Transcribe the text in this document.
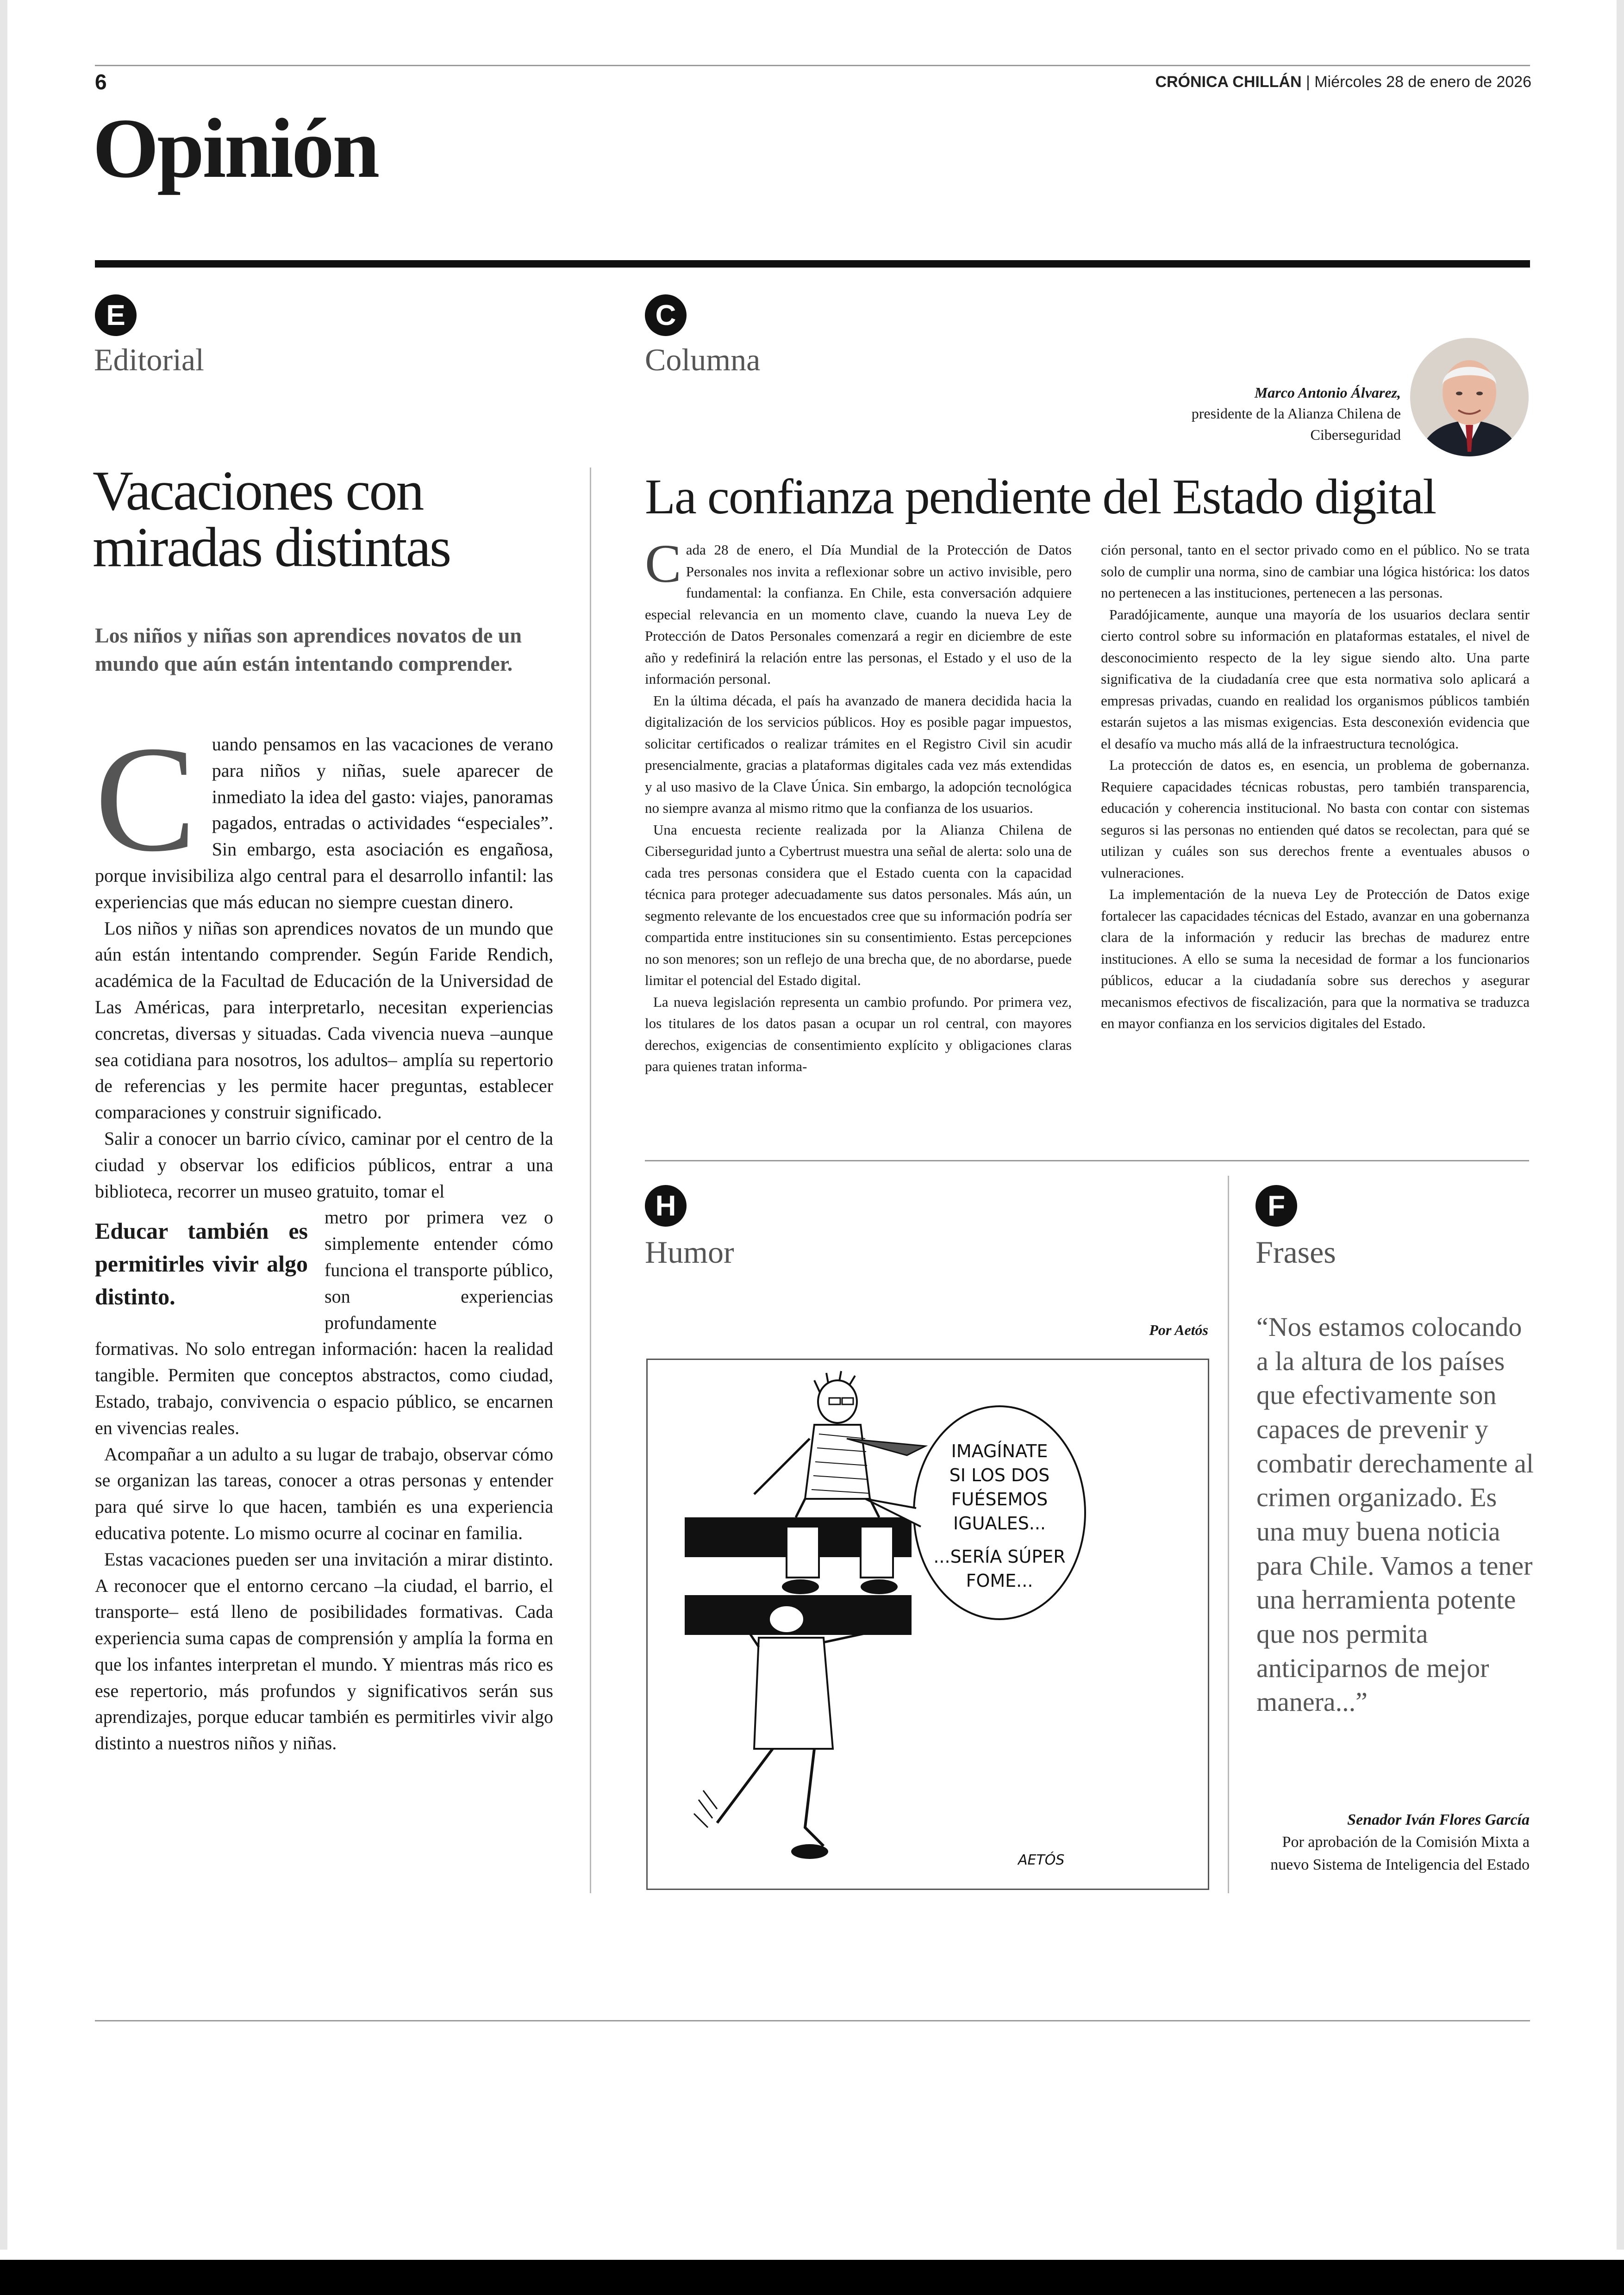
6	CRÓNICA CHILLÁN | Miércoles 28 de enero de 2026
Opinión
E
Editorial
Vacaciones con miradas distintas
Los niños y niñas son aprendices novatos de un mundo que aún están intentando comprender.

Cuando pensamos en las vacaciones de verano para niños y niñas, suele aparecer de inmediato la idea del gasto: viajes, panoramas pagados, entradas o actividades “especiales”. Sin embargo, esta asociación es engañosa, porque invisibiliza algo central para el desarrollo infantil: las experiencias que más educan no siempre cuestan dinero.

Los niños y niñas son aprendices novatos de un mundo que aún están intentando comprender. Según Faride Rendich, académica de la Facultad de Educación de la Universidad de Las Américas, para interpretarlo, necesitan experiencias concretas, diversas y situadas. Cada vivencia nueva –aunque sea cotidiana para nosotros, los adultos– amplía su repertorio de referencias y les permite hacer preguntas, establecer comparaciones y construir significado.

Salir a conocer un barrio cívico, caminar por el centro de la ciudad y observar los edificios públicos, entrar a una biblioteca, recorrer un museo gratuito, tomar el

Educar también es permitirles vivir algo distinto.
metro por primera vez o simplemente entender cómo funciona el transporte público, son experiencias profundamente

formativas. No solo entregan información: hacen la realidad tangible. Permiten que conceptos abstractos, como ciudad, Estado, trabajo, convivencia o espacio público, se encarnen en vivencias reales.

Acompañar a un adulto a su lugar de trabajo, observar cómo se organizan las tareas, conocer a otras personas y entender para qué sirve lo que hacen, también es una experiencia educativa potente. Lo mismo ocurre al cocinar en familia.

Estas vacaciones pueden ser una invitación a mirar distinto. A reconocer que el entorno cercano –la ciudad, el barrio, el transporte– está lleno de posibilidades formativas. Cada experiencia suma capas de comprensión y amplía la forma en que los infantes interpretan el mundo. Y mientras más rico es ese repertorio, más profundos y significativos serán sus aprendizajes, porque educar también es permitirles vivir algo distinto a nuestros niños y niñas.

C
Columna
Marco Antonio Álvarez,
presidente de la Alianza Chilena de Ciberseguridad
La confianza pendiente del Estado digital

Cada 28 de enero, el Día Mundial de la Protección de Datos Personales nos invita a reflexionar sobre un activo invisible, pero fundamental: la confianza. En Chile, esta conversación adquiere especial relevancia en un momento clave, cuando la nueva Ley de Protección de Datos Personales comenzará a regir en diciembre de este año y redefinirá la relación entre las personas, el Estado y el uso de la información personal.

En la última década, el país ha avanzado de manera decidida hacia la digitalización de los servicios públicos. Hoy es posible pagar impuestos, solicitar certificados o realizar trámites en el Registro Civil sin acudir presencialmente, gracias a plataformas digitales cada vez más extendidas y al uso masivo de la Clave Única. Sin embargo, la adopción tecnológica no siempre avanza al mismo ritmo que la confianza de los usuarios.

Una encuesta reciente realizada por la Alianza Chilena de Ciberseguridad junto a Cybertrust muestra una señal de alerta: solo una de cada tres personas considera que el Estado cuenta con la capacidad técnica para proteger adecuadamente sus datos personales. Más aún, un segmento relevante de los encuestados cree que su información podría ser compartida entre instituciones sin su consentimiento. Estas percepciones no son menores; son un reflejo de una brecha que, de no abordarse, puede limitar el potencial del Estado digital.

La nueva legislación representa un cambio profundo. Por primera vez, los titulares de los datos pasan a ocupar un rol central, con mayores derechos, exigencias de consentimiento explícito y obligaciones claras para quienes tratan informa-

ción personal, tanto en el sector privado como en el público. No se trata solo de cumplir una norma, sino de cambiar una lógica histórica: los datos no pertenecen a las instituciones, pertenecen a las personas.

Paradójicamente, aunque una mayoría de los usuarios declara sentir cierto control sobre su información en plataformas estatales, el nivel de desconocimiento respecto de la ley sigue siendo alto. Una parte significativa de la ciudadanía cree que esta normativa solo aplicará a empresas privadas, cuando en realidad los organismos públicos también estarán sujetos a las mismas exigencias. Esta desconexión evidencia que el desafío va mucho más allá de la infraestructura tecnológica.

La protección de datos es, en esencia, un problema de gobernanza. Requiere capacidades técnicas robustas, pero también transparencia, educación y coherencia institucional. No basta con contar con sistemas seguros si las personas no entienden qué datos se recolectan, para qué se utilizan y cuáles son sus derechos frente a eventuales abusos o vulneraciones.

La implementación de la nueva Ley de Protección de Datos exige fortalecer las capacidades técnicas del Estado, avanzar en una gobernanza clara de la información y reducir las brechas de madurez entre instituciones. A ello se suma la necesidad de formar a los funcionarios públicos, educar a la ciudadanía sobre sus derechos y asegurar mecanismos efectivos de fiscalización, para que la normativa se traduzca en mayor confianza en los servicios digitales del Estado.

H
Humor
Por Aetós
IMAGÍNATE
SI LOS DOS
FUÉSEMOS
IGUALES...
...SERÍA SÚPER
FOME...
AETÓS
F
Frases
“Nos estamos colocando a la altura de los países que efectivamente son capaces de prevenir y combatir derechamente al crimen organizado. Es una muy buena noticia para Chile. Vamos a tener una herramienta potente que nos permita anticiparnos de mejor manera...”
Senador Iván Flores García
Por aprobación de la Comisión Mixta a nuevo Sistema de Inteligencia del Estado
